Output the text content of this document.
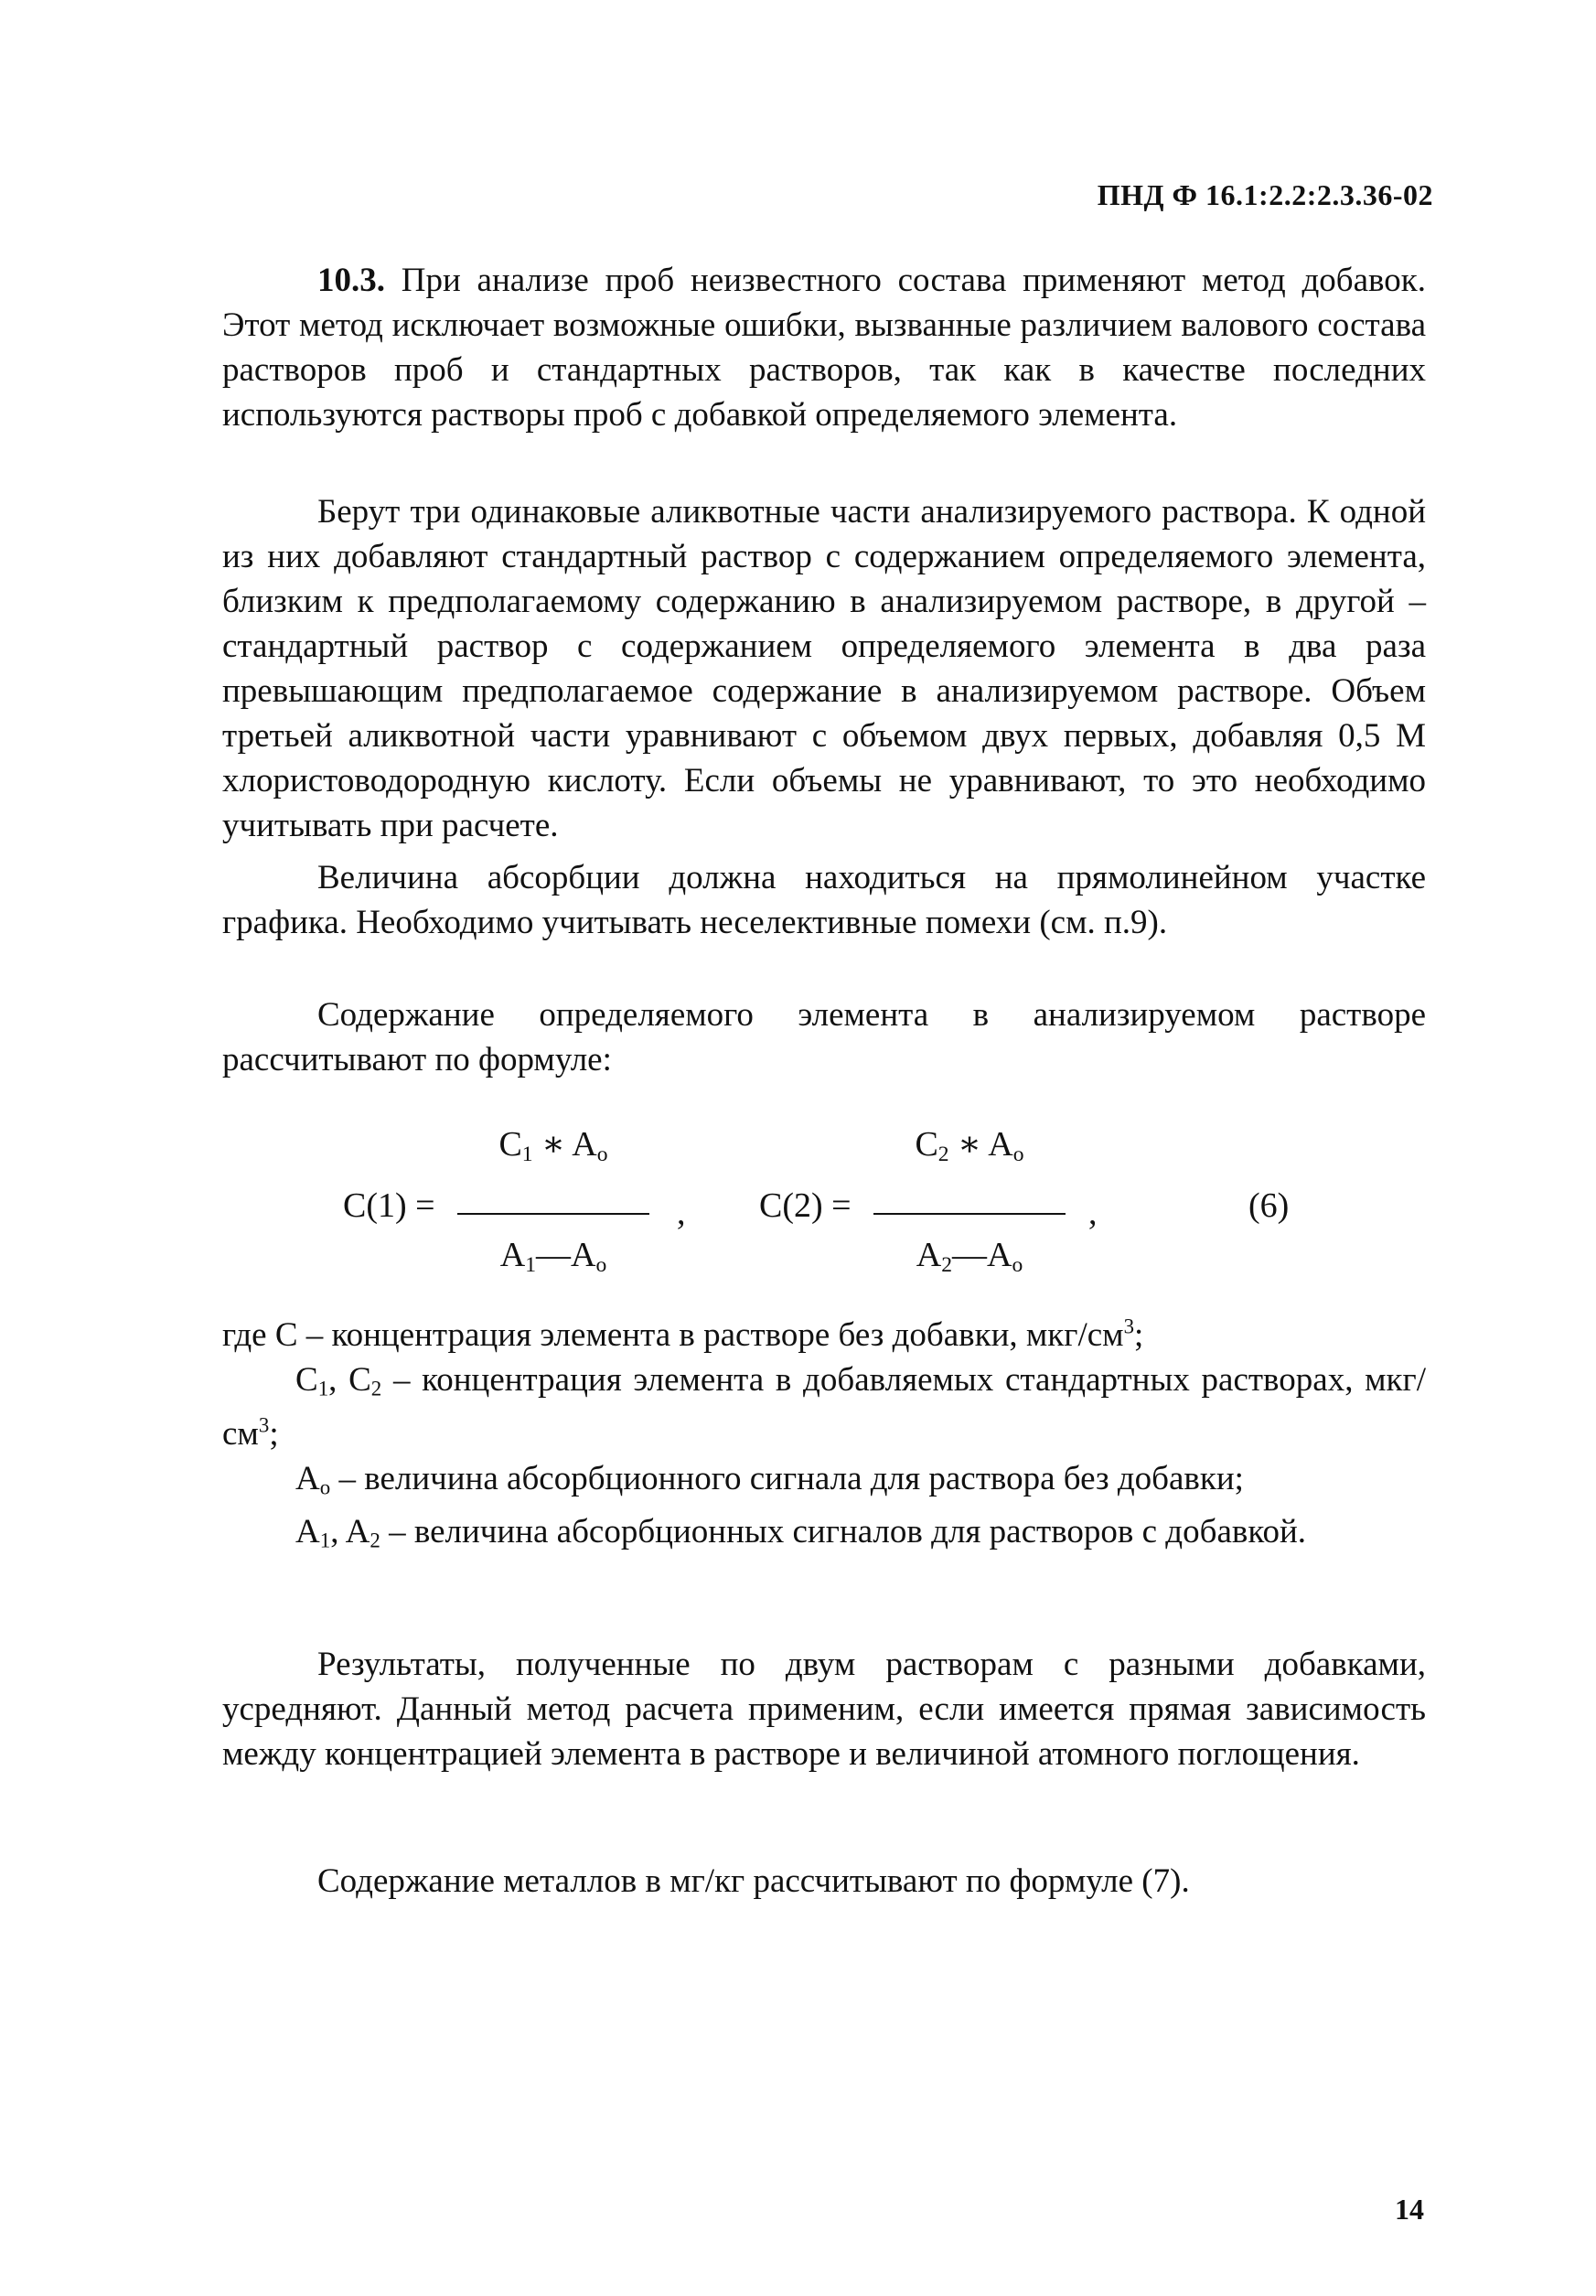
ПНД Ф 16.1:2.2:2.3.36-02

10.3. При анализе проб неизвестного состава применяют метод добавок. Этот метод исключает возможные ошибки, вызванные различием валового состава растворов проб и стандартных растворов, так как в качестве последних используются растворы проб с добавкой определяемого элемента.

Берут три одинаковые аликвотные части анализируемого раствора. К одной из них добавляют стандартный раствор с содержанием определяемого элемента, близким к предполагаемому содержанию в анализируемом растворе, в другой – стандартный раствор с содержанием определяемого элемента в два раза превышающим предполагаемое содержание в анализируемом растворе. Объем третьей аликвотной части уравнивают с объемом двух первых, добавляя 0,5 М хлористоводородную кислоту. Если объемы не уравнивают, то это необходимо учитывать при расчете.

Величина абсорбции должна находиться на прямолинейном участке графика. Необходимо учитывать неселективные помехи (см. п.9).

Содержание определяемого элемента в анализируемом растворе рассчитывают по формуле:

C(1) =
$C_1$ ∗ $A_o$
$A_1—A_o$
, C(2) =
$C_2$ ∗ $A_o$
$A_2—A_o$
,	(6)

где C – концентрация элемента в растворе без добавки, мкг/$см^3$;

$C_1$, $C_2$ – концентрация элемента в добавляемых стандартных растворах, мкг/$см^3$;

$A_o$ – величина абсорбционного сигнала для раствора без добавки;

$A_1$, $A_2$ – величина абсорбционных сигналов для растворов с добавкой.

Результаты, полученные по двум растворам с разными добавками, усредняют. Данный метод расчета применим, если имеется прямая зависимость между концентрацией элемента в растворе и величиной атомного поглощения.

Содержание металлов в мг/кг рассчитывают по формуле (7).

14
